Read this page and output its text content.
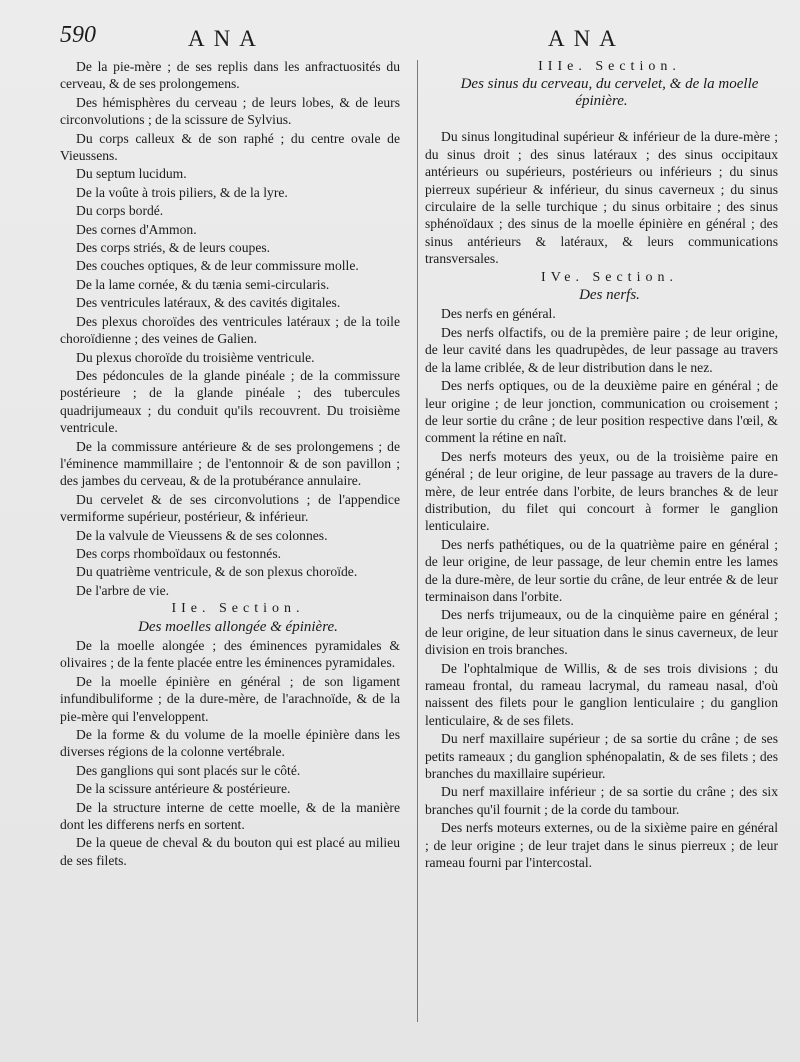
590	ANA	ANA

De la pie-mère ; de ses replis dans les anfractuosités du cerveau, & de ses prolongemens.

Des hémisphères du cerveau ; de leurs lobes, & de leurs circonvolutions ; de la scissure de Sylvius.

Du corps calleux & de son raphé ; du centre ovale de Vieussens.

Du septum lucidum.

De la voûte à trois piliers, & de la lyre.

Du corps bordé.

Des cornes d'Ammon.

Des corps striés, & de leurs coupes.

Des couches optiques, & de leur commissure molle.

De la lame cornée, & du tænia semi-circularis.

Des ventricules latéraux, & des cavités digitales.

Des plexus choroïdes des ventricules latéraux ; de la toile choroïdienne ; des veines de Galien.

Du plexus choroïde du troisième ventricule.

Des pédoncules de la glande pinéale ; de la commissure postérieure ; de la glande pinéale ; des tubercules quadrijumeaux ; du conduit qu'ils recouvrent. Du troisième ventricule.

De la commissure antérieure & de ses prolongemens ; de l'éminence mammillaire ; de l'entonnoir & de son pavillon ; des jambes du cerveau, & de la protubérance annulaire.

Du cervelet & de ses circonvolutions ; de l'appendice vermiforme supérieur, postérieur, & inférieur.

De la valvule de Vieussens & de ses colonnes.

Des corps rhomboïdaux ou festonnés.

Du quatrième ventricule, & de son plexus choroïde.

De l'arbre de vie.

IIe. Section.

Des moelles allongée & épinière.

De la moelle alongée ; des éminences pyramidales & olivaires ; de la fente placée entre les éminences pyramidales.

De la moelle épinière en général ; de son ligament infundibuliforme ; de la dure-mère, de l'arachnoïde, & de la pie-mère qui l'enveloppent.

De la forme & du volume de la moelle épinière dans les diverses régions de la colonne vertébrale.

Des ganglions qui sont placés sur le côté.

De la scissure antérieure & postérieure.

De la structure interne de cette moelle, & de la manière dont les differens nerfs en sortent.

De la queue de cheval & du bouton qui est placé au milieu de ses filets.

IIIe. Section.

Des sinus du cerveau, du cervelet, & de la moelle épinière.

Du sinus longitudinal supérieur & inférieur de la dure-mère ; du sinus droit ; des sinus latéraux ; des sinus occipitaux antérieurs ou supérieurs, postérieurs ou inférieurs ; du sinus pierreux supérieur & inférieur, du sinus caverneux ; du sinus circulaire de la selle turchique ; du sinus orbitaire ; des sinus sphénoïdaux ; des sinus de la moelle épinière en général ; des sinus antérieurs & latéraux, & leurs communications transversales.

IVe. Section.

Des nerfs.

Des nerfs en général.

Des nerfs olfactifs, ou de la première paire ; de leur origine, de leur cavité dans les quadrupèdes, de leur passage au travers de la lame criblée, & de leur distribution dans le nez.

Des nerfs optiques, ou de la deuxième paire en général ; de leur origine ; de leur jonction, communication ou croisement ; de leur sortie du crâne ; de leur position respective dans l'œil, & comment la rétine en naît.

Des nerfs moteurs des yeux, ou de la troisième paire en général ; de leur origine, de leur passage au travers de la dure-mère, de leur entrée dans l'orbite, de leurs branches & de leur distribution, du filet qui concourt à former le ganglion lenticulaire.

Des nerfs pathétiques, ou de la quatrième paire en général ; de leur origine, de leur passage, de leur chemin entre les lames de la dure-mère, de leur sortie du crâne, de leur entrée & de leur terminaison dans l'orbite.

Des nerfs trijumeaux, ou de la cinquième paire en général ; de leur origine, de leur situation dans le sinus caverneux, de leur division en trois branches.

De l'ophtalmique de Willis, & de ses trois divisions ; du rameau frontal, du rameau lacrymal, du rameau nasal, d'où naissent des filets pour le ganglion lenticulaire ; du ganglion lenticulaire, & de ses filets.

Du nerf maxillaire supérieur ; de sa sortie du crâne ; de ses petits rameaux ; du ganglion sphénopalatin, & de ses filets ; des branches du maxillaire supérieur.

Du nerf maxillaire inférieur ; de sa sortie du crâne ; des six branches qu'il fournit ; de la corde du tambour.

Des nerfs moteurs externes, ou de la sixième paire en général ; de leur origine ; de leur trajet dans le sinus pierreux ; de leur rameau fourni par l'intercostal.
